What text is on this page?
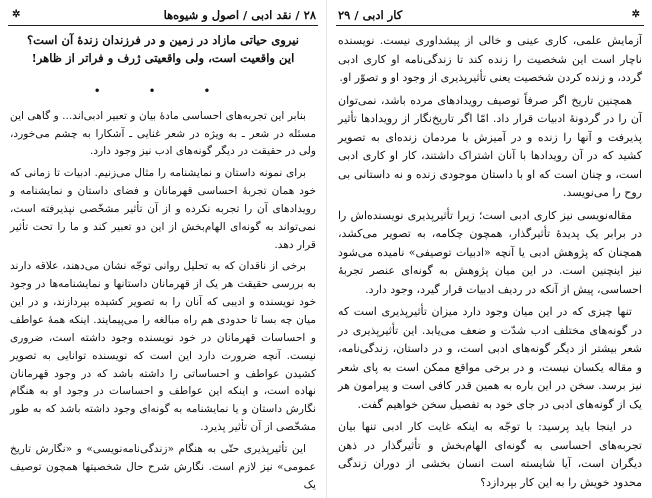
۲۸ / نقد ادبی / اصول و شیوه‌ها
✲

نیروی حیاتی مازاد در زمین و در فرزندان زندهٔ آن است؟

این واقعیت است، ولی واقعیتی ژرف و فراتر از ظاهر!

• • •

بنابر این تجربه‌های احساسی مادهٔ بیان و تعبیر ادبی‌اند... و گاهی این مسئله در شعر ـ به ویژه در شعر غنایی ـ آشکارا به چشم می‌خورد، ولی در حقیقت در دیگر گونه‌های ادب نیز وجود دارد.

برای نمونه داستان و نمایشنامه را مثال می‌زنیم. ادبیات تا زمانی که خود همان تجربهٔ احساسی قهرمانان و فضای داستان و نمایشنامه و رویدادهای آن را تجربه نکرده و از آن تأثیر مشخّصی نپذیرفته است، نمی‌تواند به گونه‌ای الهام‌بخش از این دو تعبیر کند و ما را تحت تأثیر قرار دهد.

برخی از ناقدان که به تحلیل روانی توجّه نشان می‌دهند، علاقه دارند به بررسی حقیقت هر یک از قهرمانان داستانها و نمایشنامه‌ها در وجود خود نویسنده و ادیبی که آنان را به تصویر کشیده بپردازند، و در این میان چه بسا تا حدودی هم راه مبالغه را می‌پیمایند. اینکه همهٔ عواطف و احساسات قهرمانان در خود نویسنده وجود داشته است، ضروری نیست. آنچه ضرورت دارد این است که نویسنده توانایی به تصویر کشیدن عواطف و احساساتی را داشته باشد که در وجود قهرمانان نهاده است، و اینکه این عواطف و احساسات در وجود او به هنگام نگارش داستان و یا نمایشنامه به گونه‌ای وجود داشته باشد که به طور مشخّصی از آن تأثیر پذیرد.

این تأثیرپذیری حتّی به هنگام «زندگی‌نامه‌نویسی» و «نگارش تاریخ عمومی» نیز لازم است. نگارش شرح حال شخصیتها همچون توصیف یک

✲
کار ادبی / ۲۹

آزمایش علمی، کاری عینی و خالی از پیشداوری نیست. نویسنده ناچار است این شخصیت را زنده کند تا زندگی‌نامه او کاری ادبی گردد، و زنده کردن شخصیت یعنی تأثیرپذیری از وجود او و تصوّر او.

همچنین تاریخ اگر صرفاً توصیف رویدادهای مرده باشد، نمی‌توان آن را در گردونهٔ ادبیات قرار داد. امّا اگر تاریخ‌نگار از رویدادها تأثیر پذیرفت و آنها را زنده و در آمیزش با مردمان زنده‌ای به تصویر کشید که در آن رویدادها با آنان اشتراک داشتند، کار او کاری ادبی است، و چنان است که او با داستان موجودی زنده و نه داستانی بی روح را می‌نویسد.

مقاله‌نویسی نیز کاری ادبی است؛ زیرا تأثیرپذیری نویسنده‌اش را در برابر یک پدیدهٔ تأثیرگذار، همچون چکامه، به تصویر می‌کشد، همچنان که پژوهش ادبی یا آنچه «ادبیات توصیفی» نامیده می‌شود نیز اینچنین است. در این میان پژوهش به گونه‌ای عنصر تجربهٔ احساسی، پیش از آنکه در ردیف ادبیات قرار گیرد، وجود دارد.

تنها چیزی که در این میان وجود دارد میزان تأثیرپذیری است که در گونه‌های مختلف ادب شدّت و ضعف می‌یابد. این تأثیرپذیری در شعر بیشتر از دیگر گونه‌های ادبی است، و در داستان، زندگی‌نامه، و مقاله یکسان نیست، و در برخی مواقع ممکن است به پای شعر نیز برسد. سخن در این باره به همین قدر کافی است و پیرامون هر یک از گونه‌های ادبی در جای خود به تفصیل سخن خواهیم گفت.

در اینجا باید پرسید: با توجّه به اینکه غایت کار ادبی تنها بیان تجربه‌های احساسی به گونه‌ای الهام‌بخش و تأثیرگذار در ذهن دیگران است، آیا شایسته است انسان بخشی از دوران زندگی محدود خویش را به این کار بپردازد؟
